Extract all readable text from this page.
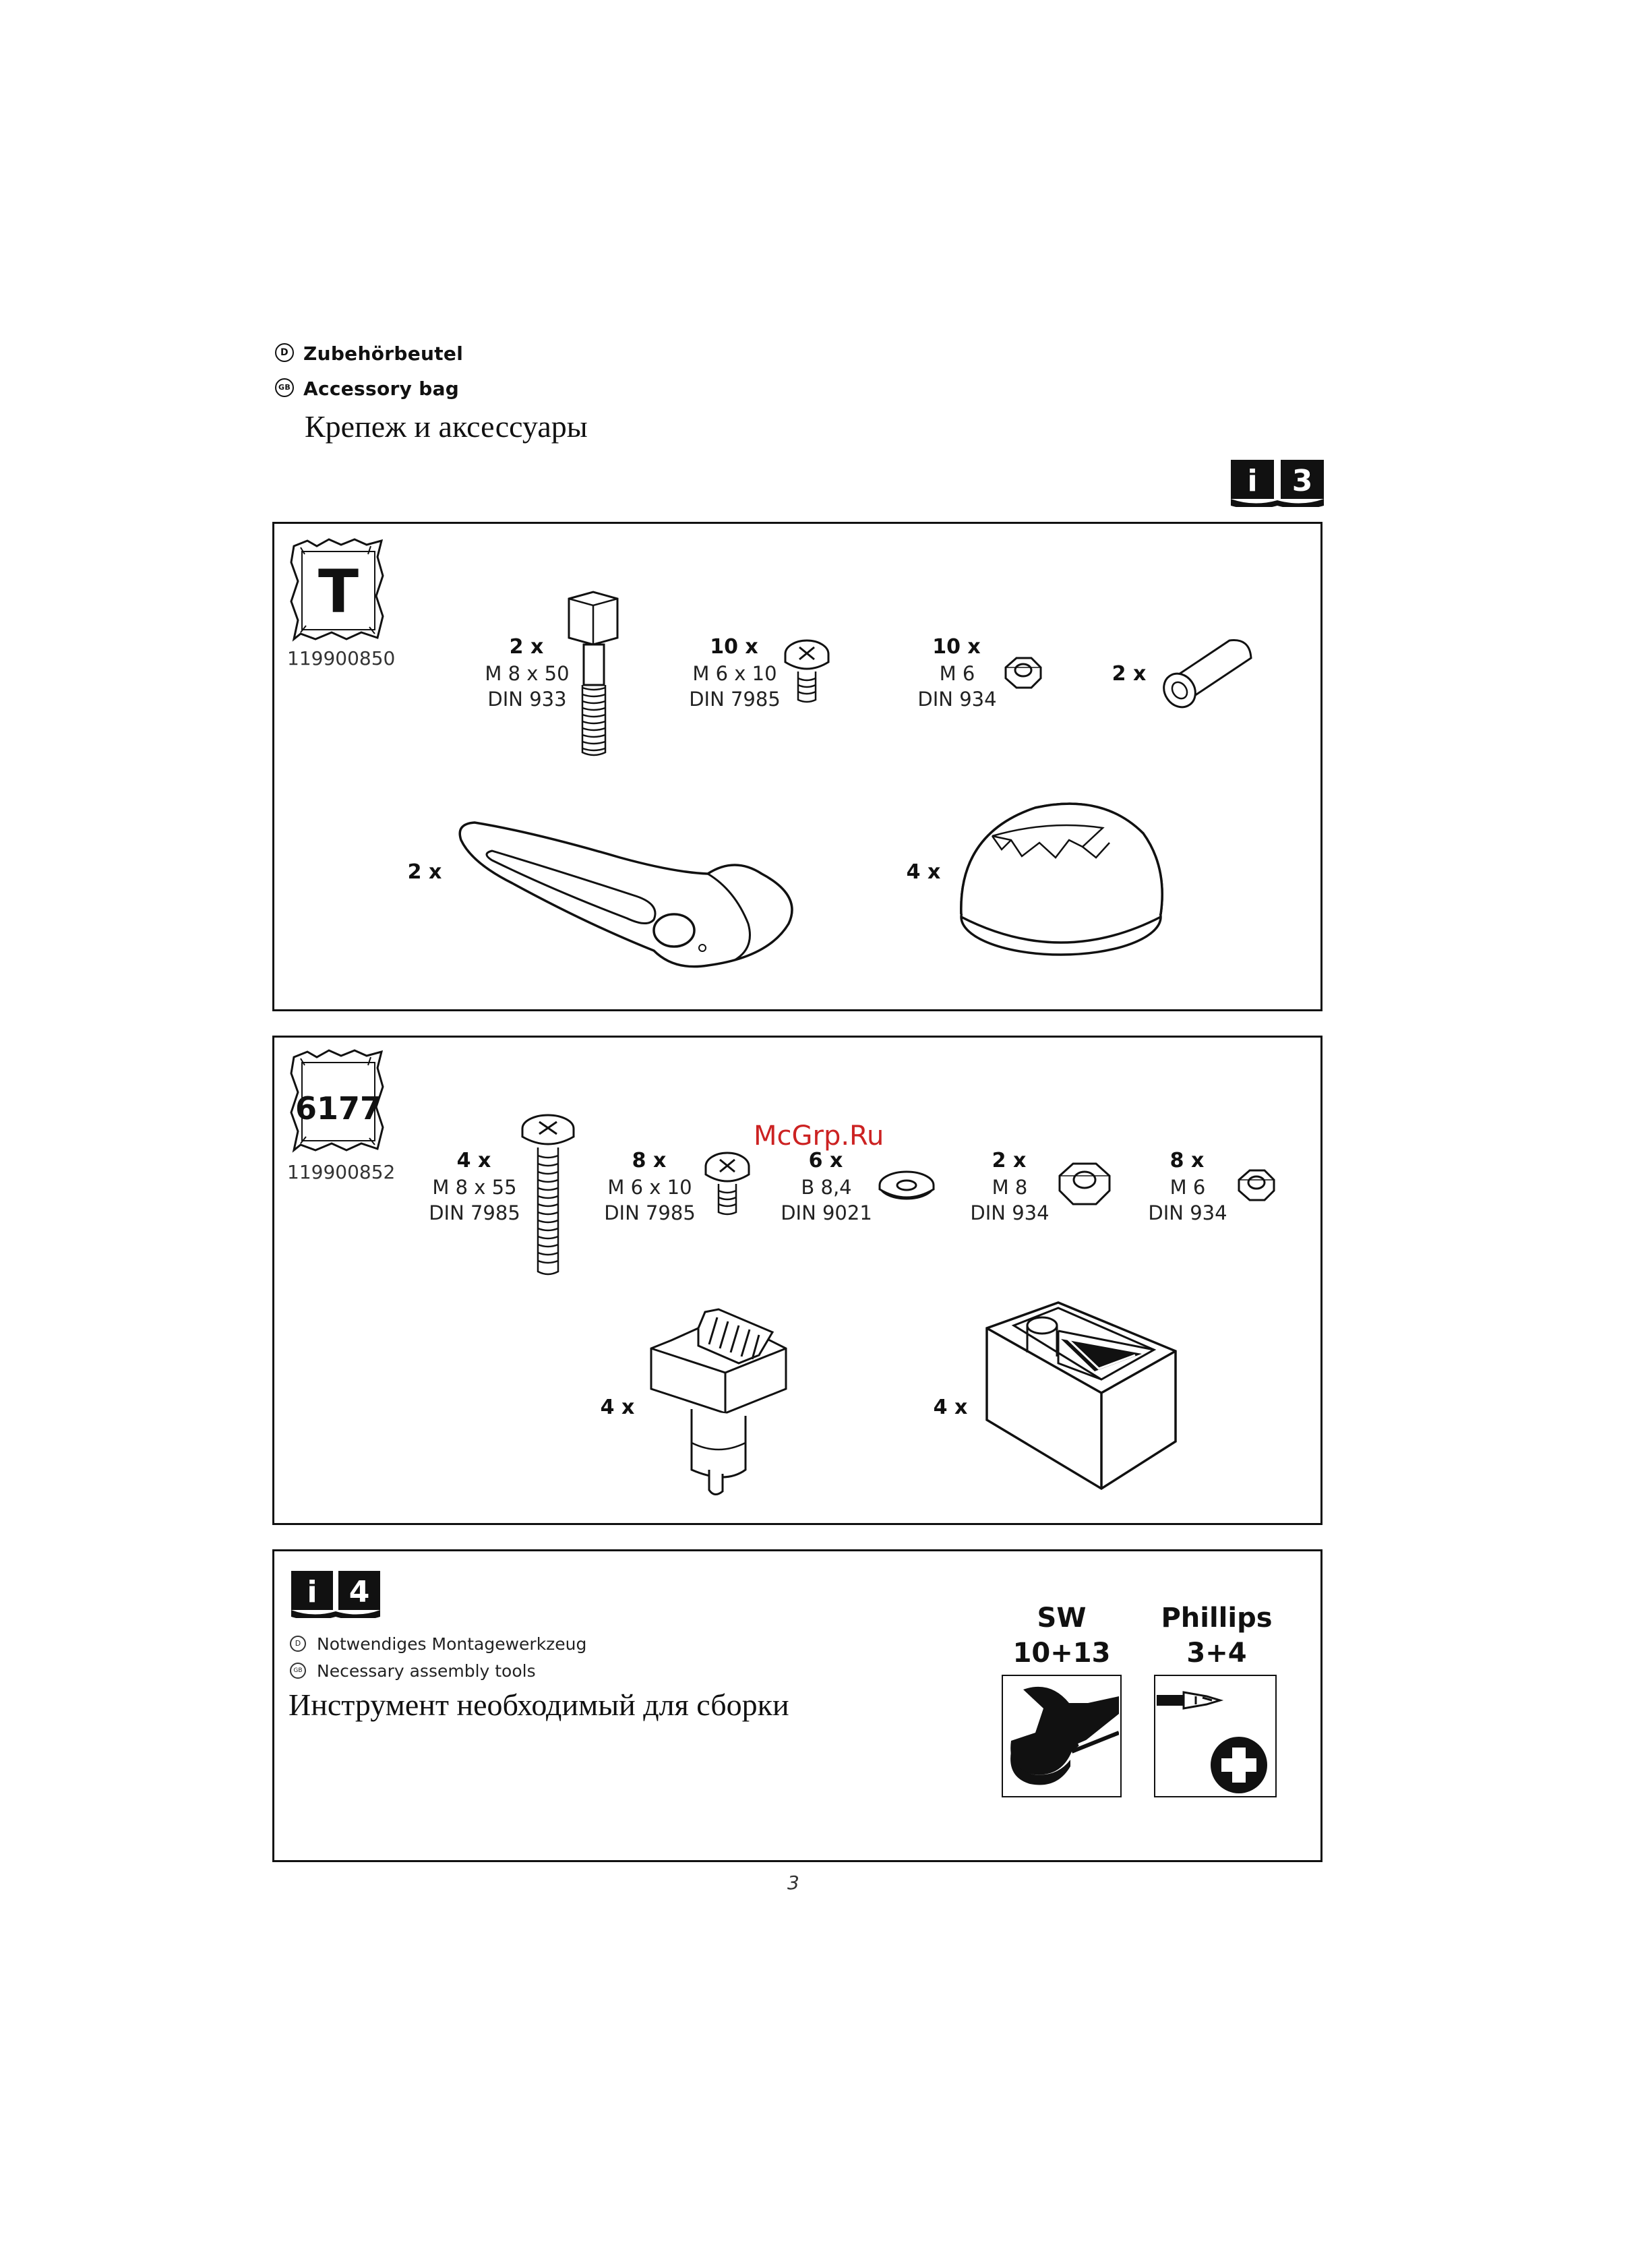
D Zubehörbeutel
GB Accessory bag
Крепеж и аксессуары
i 3
T
119900850	2 x
M 8 x 50
DIN 933
10 x
M 6 x 10
DIN 7985
10 x
M 6
DIN 934
2 x
2 x	4 x
6177
119900852	4 x
M 8 x 55
DIN 7985
8 x
M 6 x 10
DIN 7985
McGrp.Ru
6 x
B 8,4
DIN 9021
2 x
M 8
DIN 934
8 x
M 6
DIN 934
4 x	4 x
i 4
D Notwendiges Montagewerkzeug
GB Necessary assembly tools
Инструмент необходимый для сборки
SW
10+13
Phillips
3+4
3
